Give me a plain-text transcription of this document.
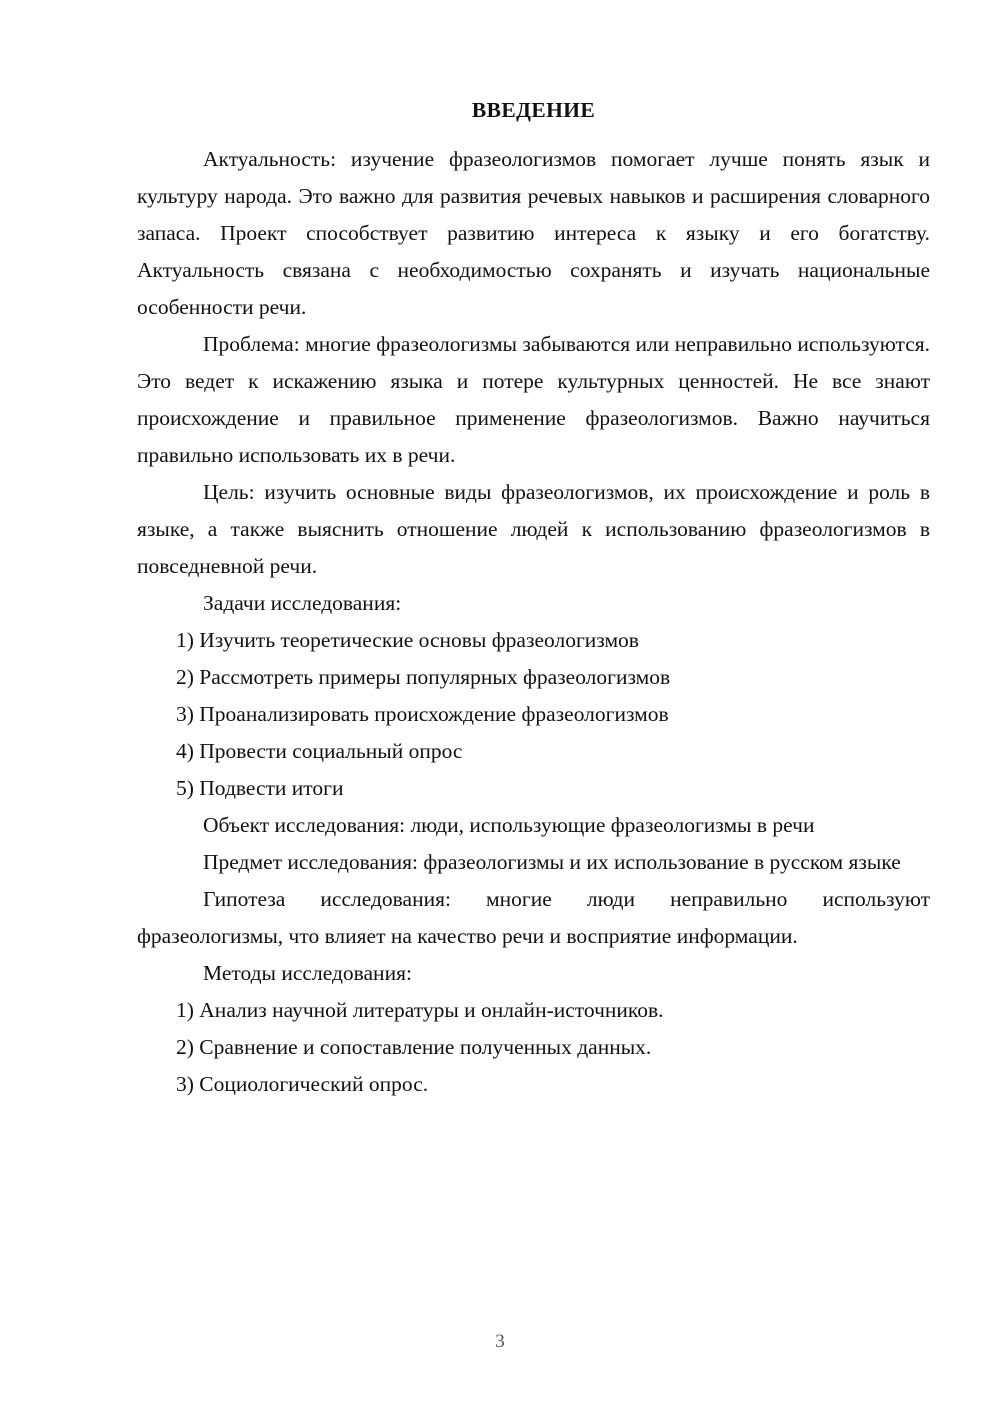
ВВЕДЕНИЕ

Актуальность: изучение фразеологизмов помогает лучше понять язык и культуру народа. Это важно для развития речевых навыков и расширения словарного запаса. Проект способствует развитию интереса к языку и его богатству. Актуальность связана с необходимостью сохранять и изучать национальные особенности речи.

Проблема: многие фразеологизмы забываются или неправильно используются. Это ведет к искажению языка и потере культурных ценностей. Не все знают происхождение и правильное применение фразеологизмов. Важно научиться правильно использовать их в речи.

Цель: изучить основные виды фразеологизмов, их происхождение и роль в языке, а также выяснить отношение людей к использованию фразеологизмов в повседневной речи.

Задачи исследования:

1) Изучить теоретические основы фразеологизмов

2) Рассмотреть примеры популярных фразеологизмов

3) Проанализировать происхождение фразеологизмов

4) Провести социальный опрос

5) Подвести итоги

Объект исследования: люди, использующие фразеологизмы в речи

Предмет исследования: фразеологизмы и их использование в русском языке

Гипотеза исследования: многие люди неправильно используют фразеологизмы, что влияет на качество речи и восприятие информации.

Методы исследования:

1) Анализ научной литературы и онлайн-источников.

2) Сравнение и сопоставление полученных данных.

3) Социологический опрос.

3
